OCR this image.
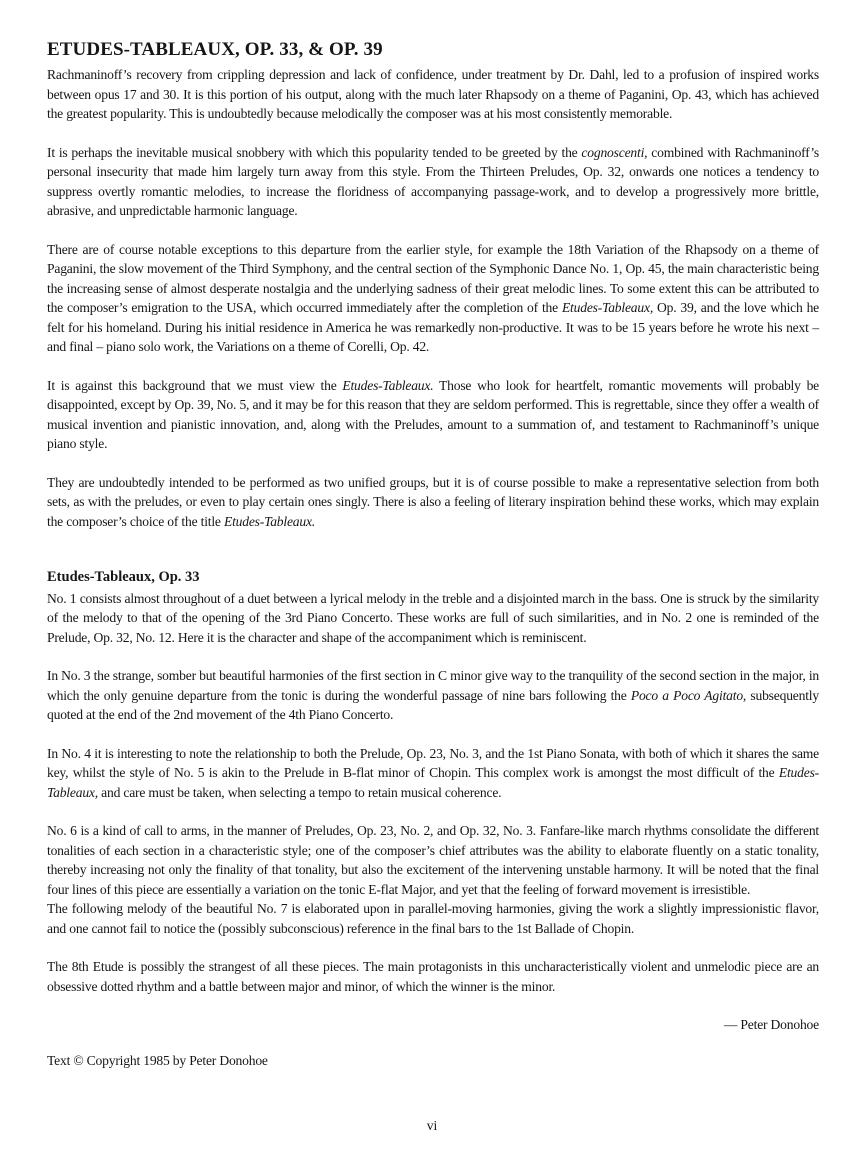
ETUDES-TABLEAUX, OP. 33, & OP. 39

Rachmaninoff’s recovery from crippling depression and lack of confidence, under treatment by Dr. Dahl, led to a profusion of inspired works between opus 17 and 30. It is this portion of his output, along with the much later Rhapsody on a theme of Paganini, Op. 43, which has achieved the greatest popularity. This is undoubtedly because melodically the composer was at his most consistently memorable.

It is perhaps the inevitable musical snobbery with which this popularity tended to be greeted by the cognoscenti, combined with Rachmaninoff’s personal insecurity that made him largely turn away from this style. From the Thirteen Preludes, Op. 32, onwards one notices a tendency to suppress overtly romantic melodies, to increase the floridness of accompanying passage-work, and to develop a progressively more brittle, abrasive, and unpredictable harmonic language.

There are of course notable exceptions to this departure from the earlier style, for example the 18th Variation of the Rhapsody on a theme of Paganini, the slow movement of the Third Symphony, and the central section of the Symphonic Dance No. 1, Op. 45, the main characteristic being the increasing sense of almost desperate nostalgia and the underlying sadness of their great melodic lines. To some extent this can be attributed to the composer’s emigration to the USA, which occurred immediately after the completion of the Etudes-Tableaux, Op. 39, and the love which he felt for his homeland. During his initial residence in America he was remarkedly non-productive. It was to be 15 years before he wrote his next – and final – piano solo work, the Variations on a theme of Corelli, Op. 42.

It is against this background that we must view the Etudes-Tableaux. Those who look for heartfelt, romantic movements will probably be disappointed, except by Op. 39, No. 5, and it may be for this reason that they are seldom performed. This is regrettable, since they offer a wealth of musical invention and pianistic innovation, and, along with the Preludes, amount to a summation of, and testament to Rachmaninoff’s unique piano style.

They are undoubtedly intended to be performed as two unified groups, but it is of course possible to make a representative selection from both sets, as with the preludes, or even to play certain ones singly. There is also a feeling of literary inspiration behind these works, which may explain the composer’s choice of the title Etudes-Tableaux.

Etudes-Tableaux, Op. 33

No. 1 consists almost throughout of a duet between a lyrical melody in the treble and a disjointed march in the bass. One is struck by the similarity of the melody to that of the opening of the 3rd Piano Concerto. These works are full of such similarities, and in No. 2 one is reminded of the Prelude, Op. 32, No. 12. Here it is the character and shape of the accompaniment which is reminiscent.

In No. 3 the strange, somber but beautiful harmonies of the first section in C minor give way to the tranquility of the second section in the major, in which the only genuine departure from the tonic is during the wonderful passage of nine bars following the Poco a Poco Agitato, subsequently quoted at the end of the 2nd movement of the 4th Piano Concerto.

In No. 4 it is interesting to note the relationship to both the Prelude, Op. 23, No. 3, and the 1st Piano Sonata, with both of which it shares the same key, whilst the style of No. 5 is akin to the Prelude in B-flat minor of Chopin. This complex work is amongst the most difficult of the Etudes-Tableaux, and care must be taken, when selecting a tempo to retain musical coherence.

No. 6 is a kind of call to arms, in the manner of Preludes, Op. 23, No. 2, and Op. 32, No. 3. Fanfare-like march rhythms consolidate the different tonalities of each section in a characteristic style; one of the composer’s chief attributes was the ability to elaborate fluently on a static tonality, thereby increasing not only the finality of that tonality, but also the excitement of the intervening unstable harmony. It will be noted that the final four lines of this piece are essentially a variation on the tonic E-flat Major, and yet that the feeling of forward movement is irresistible.

The following melody of the beautiful No. 7 is elaborated upon in parallel-moving harmonies, giving the work a slightly impressionistic flavor, and one cannot fail to notice the (possibly subconscious) reference in the final bars to the 1st Ballade of Chopin.

The 8th Etude is possibly the strangest of all these pieces. The main protagonists in this uncharacteristically violent and unmelodic piece are an obsessive dotted rhythm and a battle between major and minor, of which the winner is the minor.

— Peter Donohoe

Text © Copyright 1985 by Peter Donohoe

vi
